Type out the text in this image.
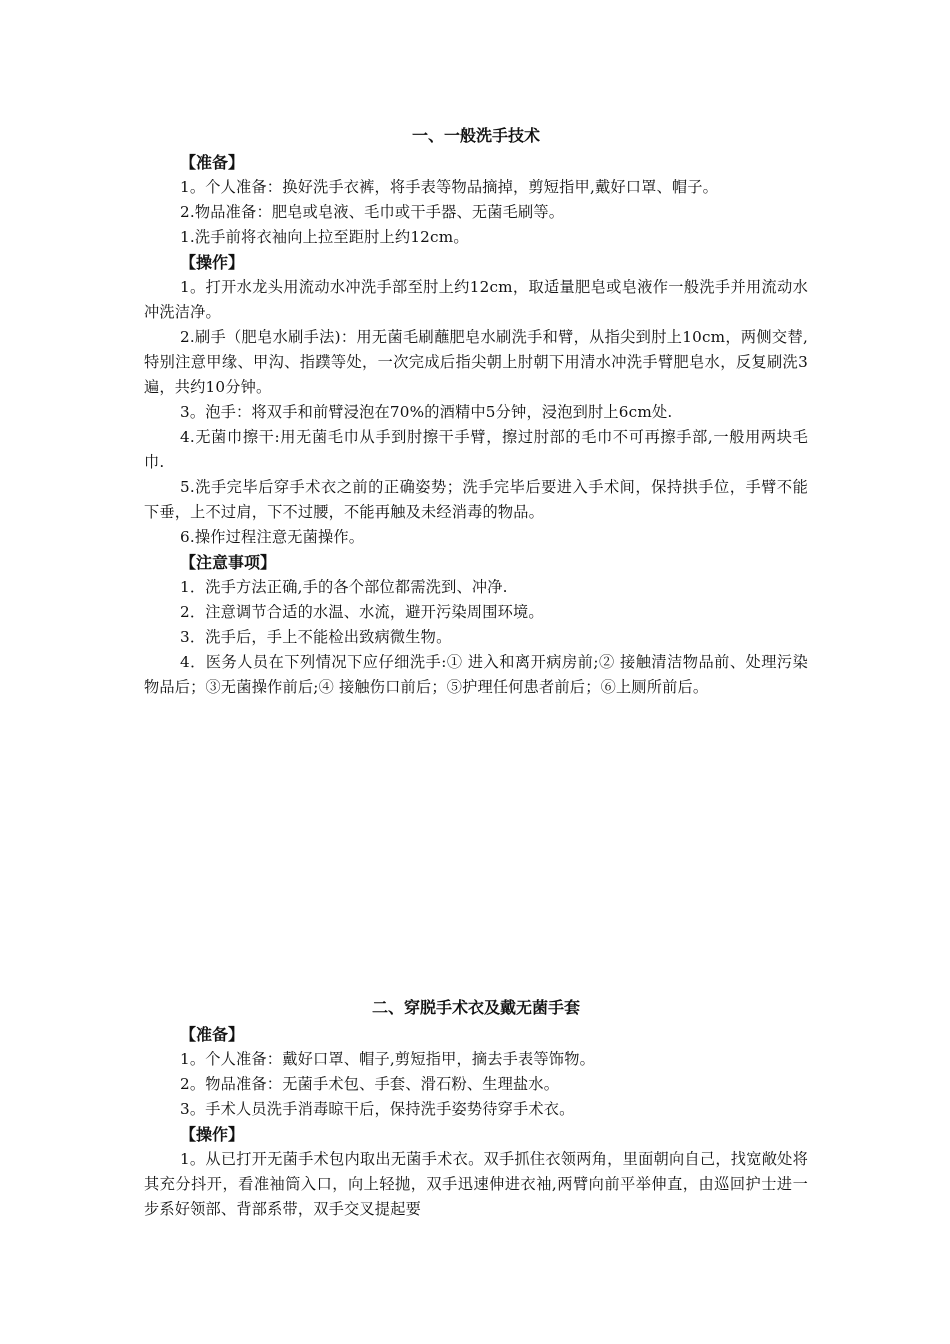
一、一般洗手技术

【准备】

1。个人准备：换好洗手衣裤，将手表等物品摘掉，剪短指甲,戴好口罩、帽子。

2.物品准备：肥皂或皂液、毛巾或干手器、无菌毛刷等。

1.洗手前将衣袖向上拉至距肘上约12cm。

【操作】

1。打开水龙头用流动水冲洗手部至肘上约12cm，取适量肥皂或皂液作一般洗手并用流动水冲洗洁净。

2.刷手（肥皂水刷手法)：用无菌毛刷蘸肥皂水刷洗手和臂，从指尖到肘上10cm，两侧交替,特别注意甲缘、甲沟、指蹼等处，一次完成后指尖朝上肘朝下用清水冲洗手臂肥皂水，反复刷洗3遍，共约10分钟。

3。泡手：将双手和前臂浸泡在70%的酒精中5分钟，浸泡到肘上6cm处.

4.无菌巾擦干:用无菌毛巾从手到肘擦干手臂，擦过肘部的毛巾不可再擦手部,一般用两块毛巾.

5.洗手完毕后穿手术衣之前的正确姿势；洗手完毕后要进入手术间，保持拱手位，手臂不能下垂，上不过肩，下不过腰，不能再触及未经消毒的物品。

6.操作过程注意无菌操作。

【注意事项】

1．洗手方法正确,手的各个部位都需洗到、冲净.

2．注意调节合适的水温、水流，避开污染周围环境。

3．洗手后，手上不能检出致病微生物。

4．医务人员在下列情况下应仔细洗手:① 进入和离开病房前;② 接触清洁物品前、处理污染物品后；③无菌操作前后;④ 接触伤口前后；⑤护理任何患者前后；⑥上厕所前后。

二、穿脱手术衣及戴无菌手套

【准备】

1。个人准备：戴好口罩、帽子,剪短指甲，摘去手表等饰物。

2。物品准备：无菌手术包、手套、滑石粉、生理盐水。

3。手术人员洗手消毒晾干后，保持洗手姿势待穿手术衣。

【操作】

1。从已打开无菌手术包内取出无菌手术衣。双手抓住衣领两角，里面朝向自己，找宽敞处将其充分抖开，看准袖筒入口，向上轻抛，双手迅速伸进衣袖,两臂向前平举伸直，由巡回护士进一步系好领部、背部系带，双手交叉提起要
